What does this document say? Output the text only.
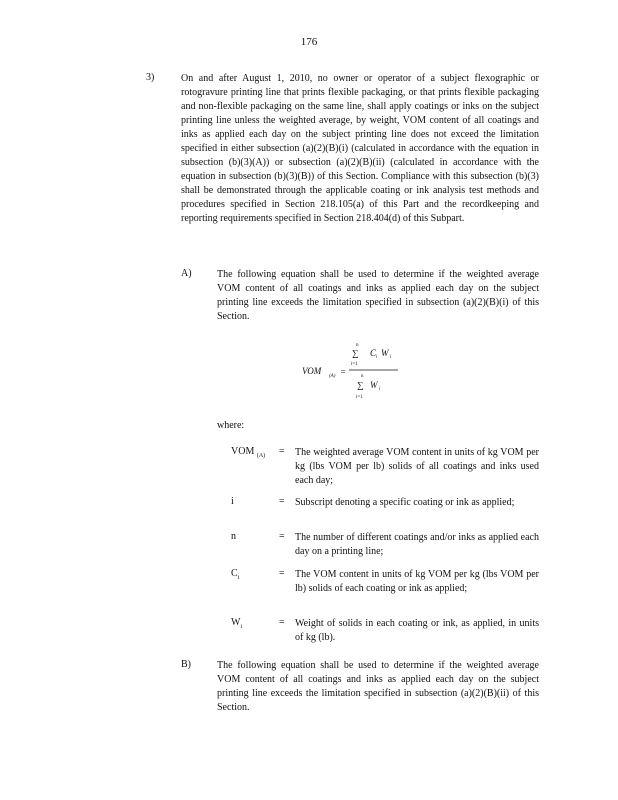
176
3)	On and after August 1, 2010, no owner or operator of a subject flexographic or rotogravure printing line that prints flexible packaging, or that prints flexible packaging and non-flexible packaging on the same line, shall apply coatings or inks on the subject printing line unless the weighted average, by weight, VOM content of all coatings and inks as applied each day on the subject printing line does not exceed the limitation specified in either subsection (a)(2)(B)(i) (calculated in accordance with the equation in subsection (b)(3)(A)) or subsection (a)(2)(B)(ii) (calculated in accordance with the equation in subsection (b)(3)(B)) of this Section. Compliance with this subsection (b)(3) shall be demonstrated through the applicable coating or ink analysis test methods and procedures specified in Section 218.105(a) of this Part and the recordkeeping and reporting requirements specified in Section 218.404(d) of this Subpart.
A)	The following equation shall be used to determine if the weighted average VOM content of all coatings and inks as applied each day on the subject printing line exceeds the limitation specified in subsection (a)(2)(B)(i) of this Section.
VOM
(A) =
n
∑
i=1
C i W i
n
∑
i=1
W i
where:
VOM $_{(A)}$ = The weighted average VOM content in units of kg VOM per kg (lbs VOM per lb) solids of all coatings and inks used each day;
i	= Subscript denoting a specific coating or ink as applied;
n	= The number of different coatings and/or inks as applied each day on a printing line;
$C_i$	= The VOM content in units of kg VOM per kg (lbs VOM per lb) solids of each coating or ink as applied;
$W_i$	= Weight of solids in each coating or ink, as applied, in units of kg (lb).
B)	The following equation shall be used to determine if the weighted average VOM content of all coatings and inks as applied each day on the subject printing line exceeds the limitation specified in subsection (a)(2)(B)(ii) of this Section.
